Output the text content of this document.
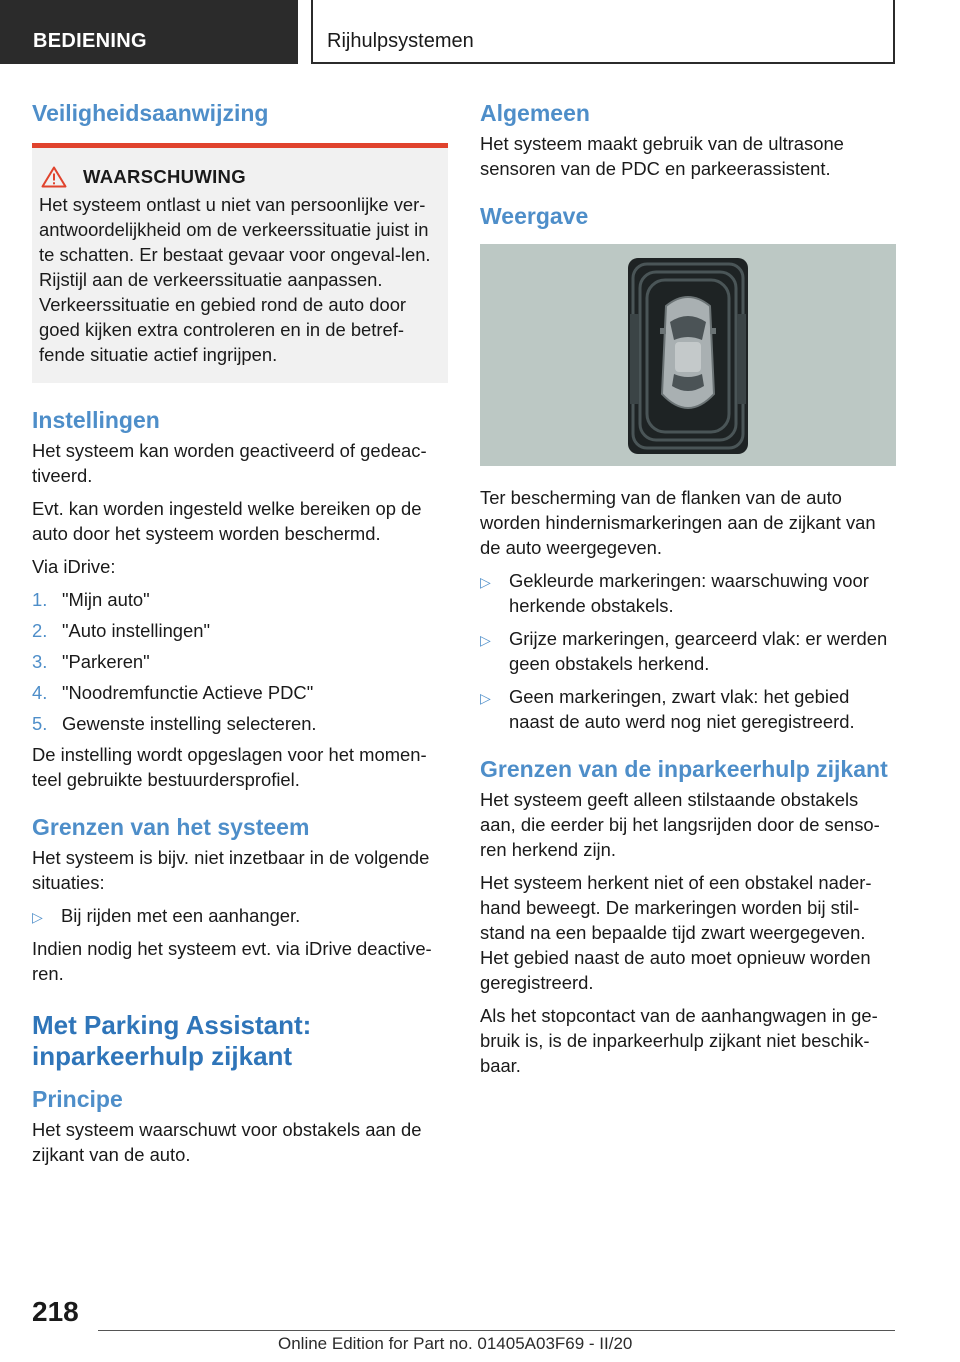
BEDIENING	Rijhulpsystemen
Veiligheidsaanwijzing
WAARSCHUWING

Het systeem ontlast u niet van persoonlijke ver-antwoordelijkheid om de verkeerssituatie juist in te schatten. Er bestaat gevaar voor ongeval-len. Rijstijl aan de verkeerssituatie aanpassen. Verkeerssituatie en gebied rond de auto door goed kijken extra controleren en in de betref-fende situatie actief ingrijpen.

Instellingen

Het systeem kan worden geactiveerd of gedeac-tiveerd.

Evt. kan worden ingesteld welke bereiken op de auto door het systeem worden beschermd.

Via iDrive:

1. "Mijn auto"
2. "Auto instellingen"
3. "Parkeren"
4. "Noodremfunctie Actieve PDC"
5. Gewenste instelling selecteren.

De instelling wordt opgeslagen voor het momen-teel gebruikte bestuurdersprofiel.

Grenzen van het systeem

Het systeem is bijv. niet inzetbaar in de volgende situaties:

▷ Bij rijden met een aanhanger.

Indien nodig het systeem evt. via iDrive deactive-ren.

Met Parking Assistant: inparkeerhulp zijkant
Principe

Het systeem waarschuwt voor obstakels aan de zijkant van de auto.

Algemeen

Het systeem maakt gebruik van de ultrasone sensoren van de PDC en parkeerassistent.

Weergave

Ter bescherming van de flanken van de auto worden hindernismarkeringen aan de zijkant van de auto weergegeven.

▷ Gekleurde markeringen: waarschuwing voor herkende obstakels.
▷ Grijze markeringen, gearceerd vlak: er werden geen obstakels herkend.
▷ Geen markeringen, zwart vlak: het gebied naast de auto werd nog niet geregistreerd.
Grenzen van de inparkeerhulp zijkant

Het systeem geeft alleen stilstaande obstakels aan, die eerder bij het langsrijden door de senso-ren herkend zijn.

Het systeem herkent niet of een obstakel nader-hand beweegt. De markeringen worden bij stil-stand na een bepaalde tijd zwart weergegeven. Het gebied naast de auto moet opnieuw worden geregistreerd.

Als het stopcontact van de aanhangwagen in ge-bruik is, is de inparkeerhulp zijkant niet beschik-baar.

218
Online Edition for Part no. 01405A03F69 - II/20
